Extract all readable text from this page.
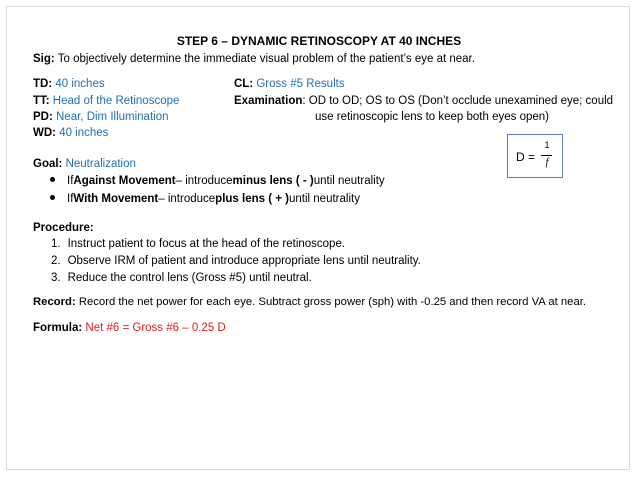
STEP 6 – DYNAMIC RETINOSCOPY AT 40 INCHES
Sig: To objectively determine the immediate visual problem of the patient’s eye at near.
TD: 40 inches
TT: Head of the Retinoscope
PD: Near, Dim Illumination
WD: 40 inches
CL: Gross #5 Results
Examination: OD to OD; OS to OS (Don’t occlude unexamined eye; could
use retinoscopic lens to keep both eyes open)
D =
1
f
Goal: Neutralization
If Against Movement – introduce minus lens ( - ) until neutrality
If With Movement – introduce plus lens ( + ) until neutrality
Procedure:
1. Instruct patient to focus at the head of the retinoscope.
2. Observe IRM of patient and introduce appropriate lens until neutrality.
3. Reduce the control lens (Gross #5) until neutral.
Record: Record the net power for each eye. Subtract gross power (sph) with -0.25 and then record VA at near.
Formula: Net #6 = Gross #6 – 0.25 D
